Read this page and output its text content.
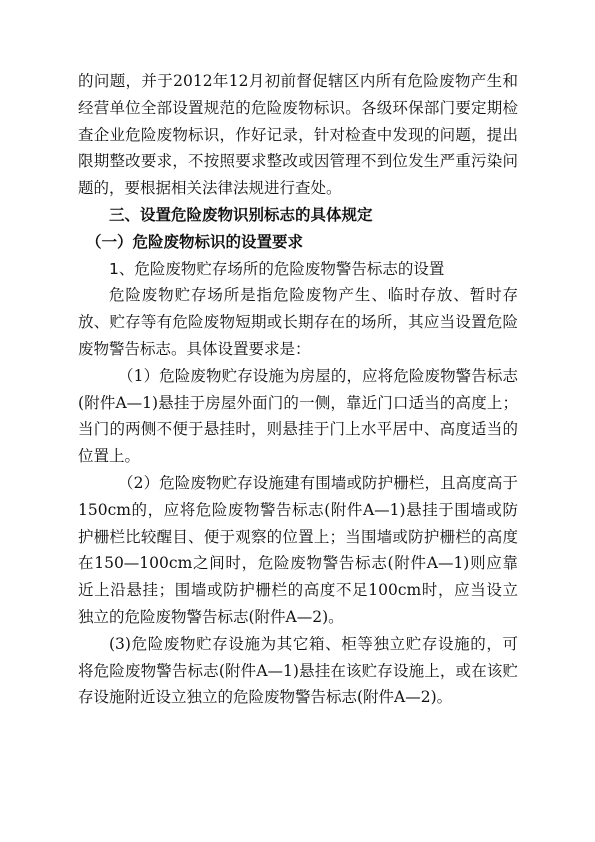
的问题，并于2012年12月初前督促辖区内所有危险废物产生和经营单位全部设置规范的危险废物标识。各级环保部门要定期检查企业危险废物标识，作好记录，针对检查中发现的问题，提出限期整改要求，不按照要求整改或因管理不到位发生严重污染问题的，要根据相关法律法规进行查处。

三、设置危险废物识别标志的具体规定

（一）危险废物标识的设置要求

1、危险废物贮存场所的危险废物警告标志的设置

危险废物贮存场所是指危险废物产生、临时存放、暂时存放、贮存等有危险废物短期或长期存在的场所，其应当设置危险废物警告标志。具体设置要求是：

（1）危险废物贮存设施为房屋的，应将危险废物警告标志(附件A—1)悬挂于房屋外面门的一侧，靠近门口适当的高度上；当门的两侧不便于悬挂时，则悬挂于门上水平居中、高度适当的位置上。

（2）危险废物贮存设施建有围墙或防护栅栏，且高度高于150cm的，应将危险废物警告标志(附件A—1)悬挂于围墙或防护栅栏比较醒目、便于观察的位置上；当围墙或防护栅栏的高度在150—100cm之间时，危险废物警告标志(附件A—1)则应靠近上沿悬挂；围墙或防护栅栏的高度不足100cm时，应当设立独立的危险废物警告标志(附件A—2)。

(3)危险废物贮存设施为其它箱、柜等独立贮存设施的，可将危险废物警告标志(附件A—1)悬挂在该贮存设施上，或在该贮存设施附近设立独立的危险废物警告标志(附件A—2)。
